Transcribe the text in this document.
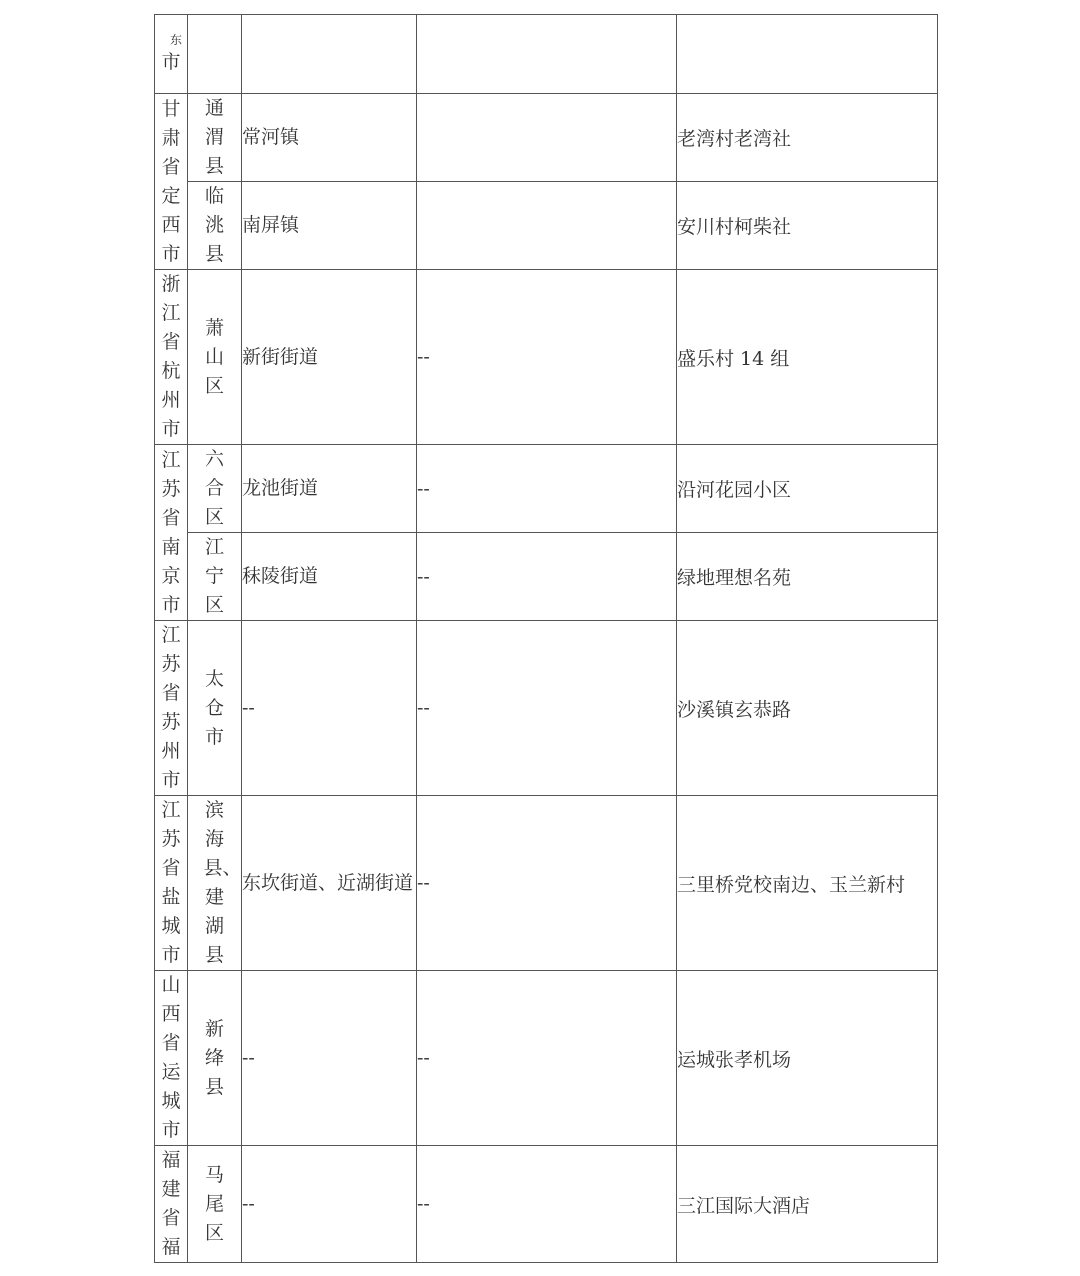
东
市				
甘肃省定西市	通渭县	常河镇		老湾村老湾社
	临洮县	南屏镇		安川村柯柴社
浙江省杭州市	萧山区	新街街道	--	盛乐村 14 组
江苏省南京市	六合区	龙池街道	--	沿河花园小区
	江宁区	秣陵街道	--	绿地理想名苑
江苏省苏州市	太仓市	--	--	沙溪镇玄恭路
江苏省盐城市	滨海县、建湖县	东坎街道、近湖街道	--	三里桥党校南边、玉兰新村
山西省运城市	新绛县	--	--	运城张孝机场
福建省福	马尾区	--	--	三江国际大酒店
